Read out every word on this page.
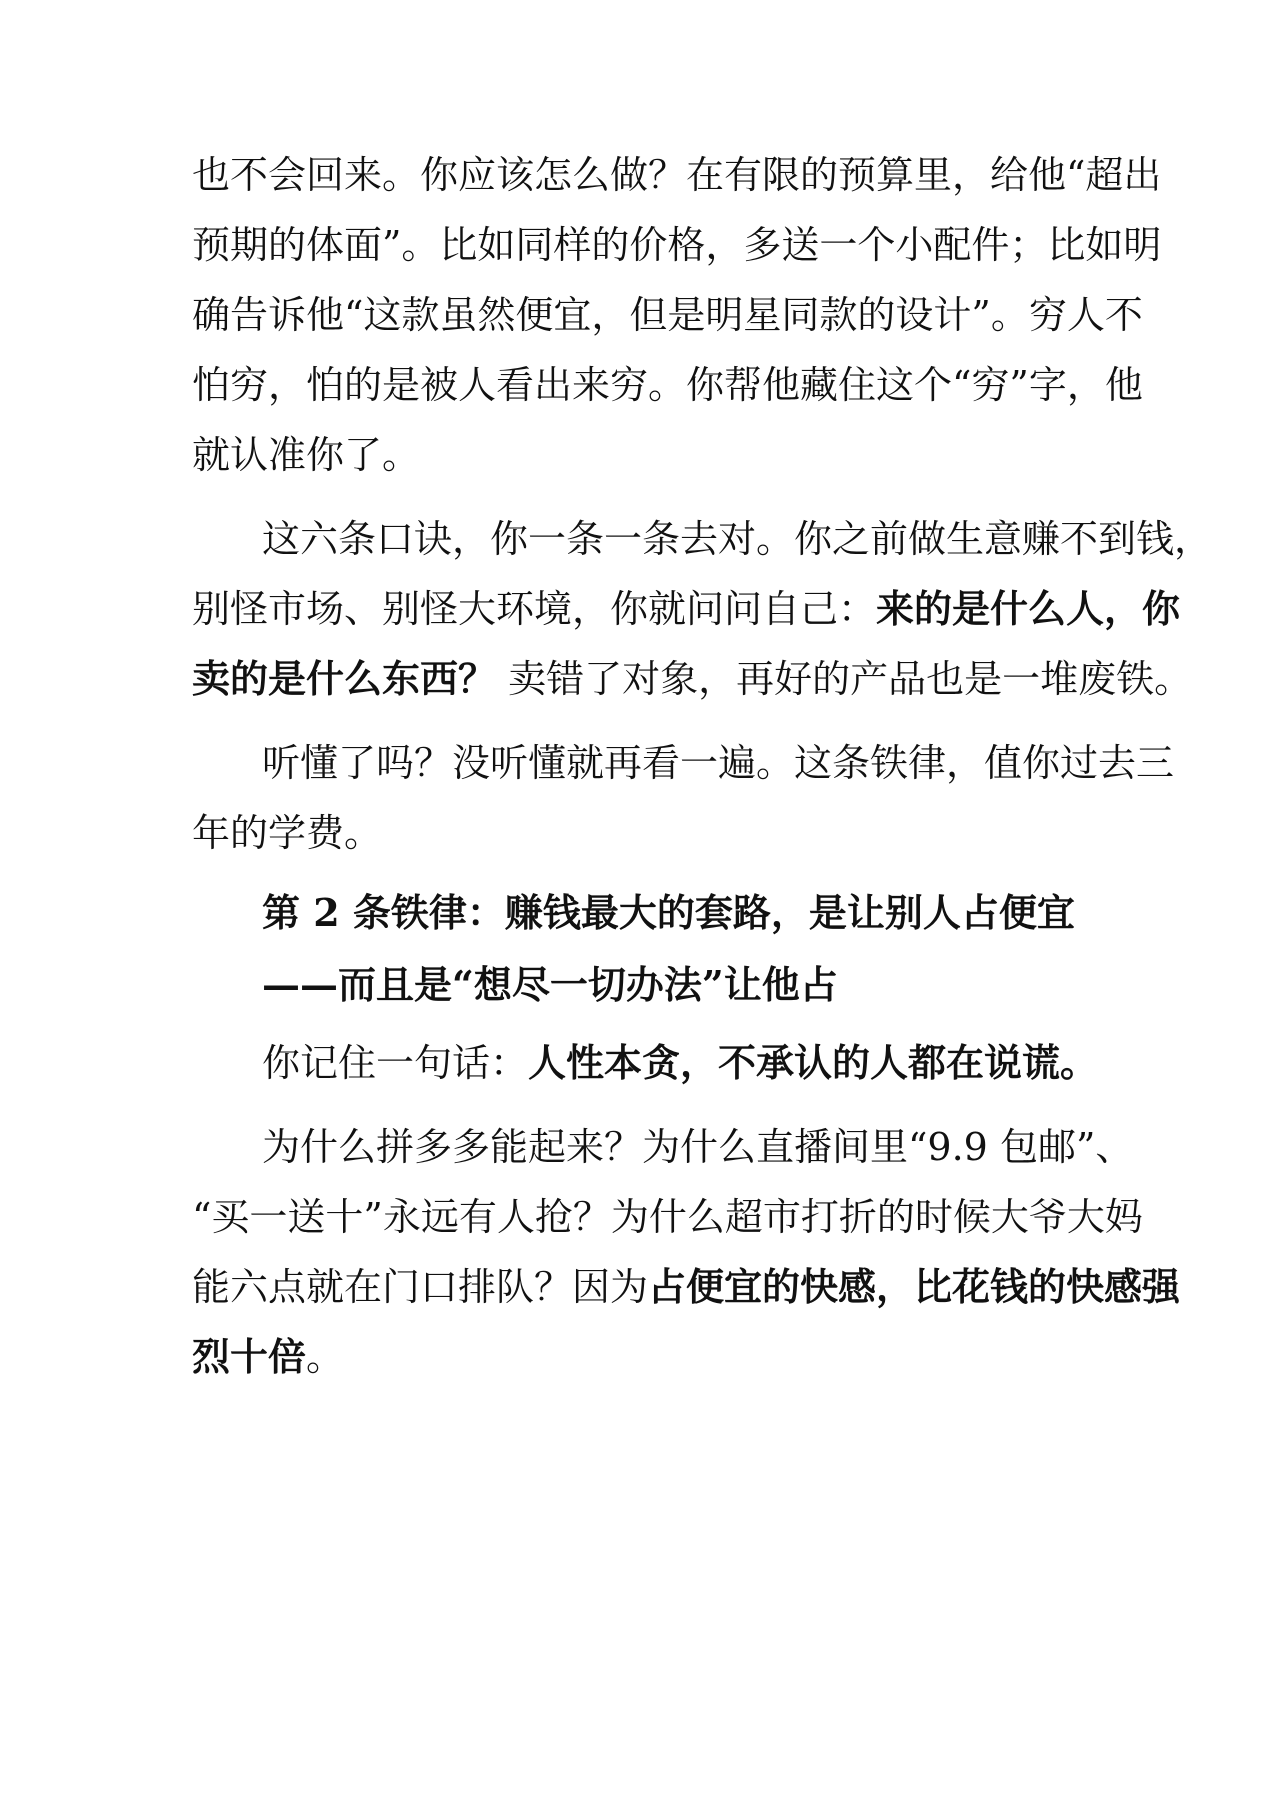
也不会回来。你应该怎么做？在有限的预算里，给他“超出
预期的体面”。比如同样的价格，多送一个小配件；比如明
确告诉他“这款虽然便宜，但是明星同款的设计”。穷人不
怕穷，怕的是被人看出来穷。你帮他藏住这个“穷”字，他
就认准你了。
这六条口诀，你一条一条去对。你之前做生意赚不到钱，
别怪市场、别怪大环境，你就问问自己：来的是什么人，你
卖的是什么东西？ 卖错了对象，再好的产品也是一堆废铁。
听懂了吗？没听懂就再看一遍。这条铁律，值你过去三
年的学费。
第 2 条铁律：赚钱最大的套路，是让别人占便宜
——而且是“想尽一切办法”让他占
你记住一句话：人性本贪，不承认的人都在说谎。
为什么拼多多能起来？为什么直播间里“9.9 包邮”、
“买一送十”永远有人抢？为什么超市打折的时候大爷大妈
能六点就在门口排队？因为占便宜的快感，比花钱的快感强
烈十倍。
